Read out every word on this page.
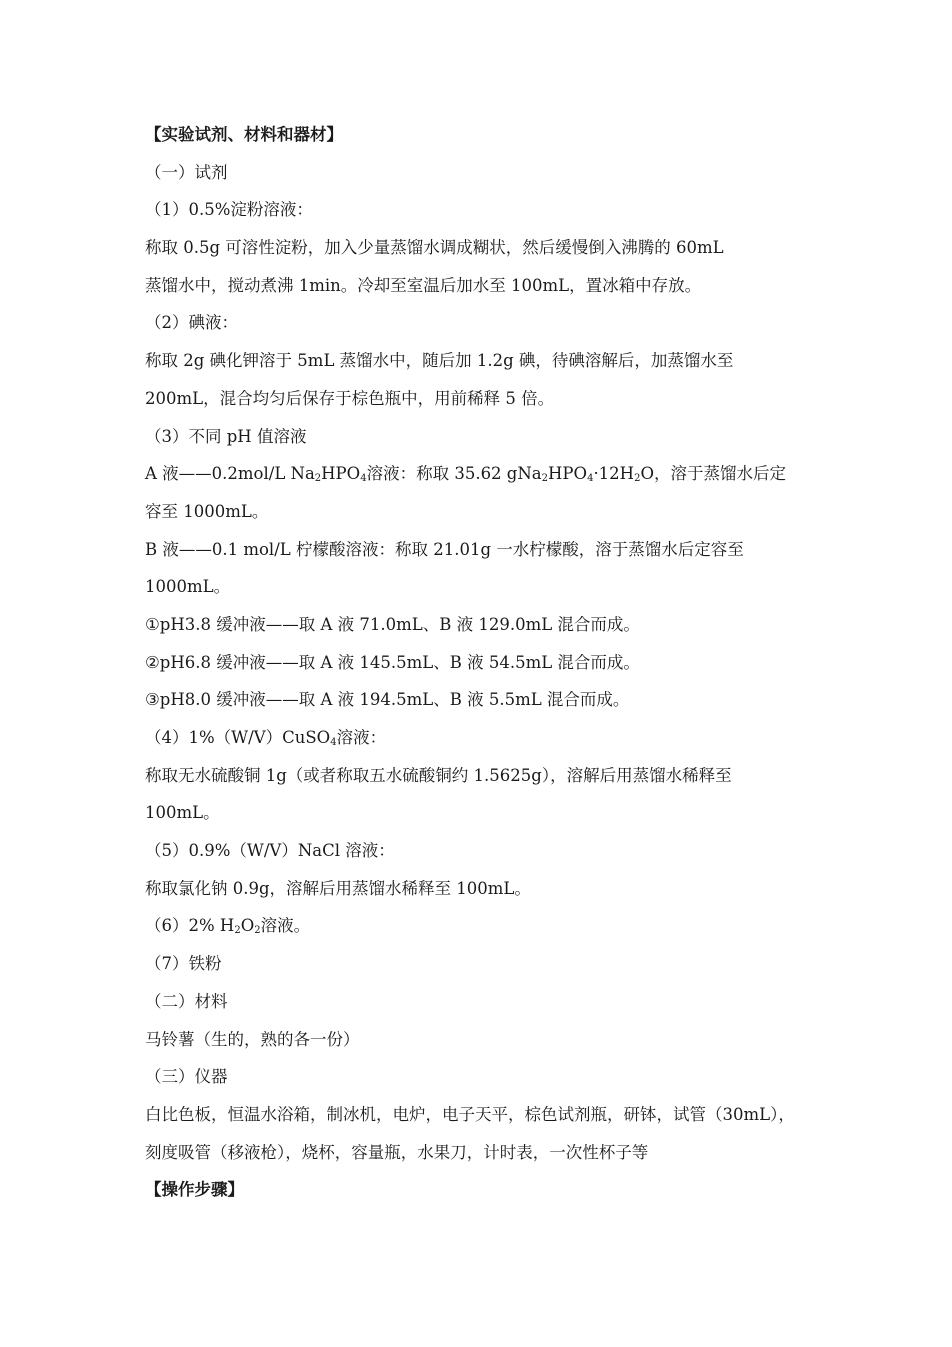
【实验试剂、材料和器材】
（一）试剂
（1）0.5%淀粉溶液：
称取 0.5g 可溶性淀粉，加入少量蒸馏水调成糊状，然后缓慢倒入沸腾的 60mL
蒸馏水中，搅动煮沸 1min。冷却至室温后加水至 100mL，置冰箱中存放。
（2）碘液：
称取 2g 碘化钾溶于 5mL 蒸馏水中，随后加 1.2g 碘，待碘溶解后，加蒸馏水至
200mL，混合均匀后保存于棕色瓶中，用前稀释 5 倍。
（3）不同 pH 值溶液
A 液——0.2mol/L $Na_2HPO_4$溶液：称取 35.62 $gNa_2HPO_4\cdot 12H_2O$，溶于蒸馏水后定
容至 1000mL。
B 液——0.1 mol/L 柠檬酸溶液：称取 21.01g 一水柠檬酸，溶于蒸馏水后定容至
1000mL。
①pH3.8 缓冲液——取 A 液 71.0mL、B 液 129.0mL 混合而成。
②pH6.8 缓冲液——取 A 液 145.5mL、B 液 54.5mL 混合而成。
③pH8.0 缓冲液——取 A 液 194.5mL、B 液 5.5mL 混合而成。
（4）1%（W/V）CuSO$_4$溶液：
称取无水硫酸铜 1g（或者称取五水硫酸铜约 1.5625g），溶解后用蒸馏水稀释至
100mL。
（5）0.9%（W/V）NaCl 溶液：
称取氯化钠 0.9g，溶解后用蒸馏水稀释至 100mL。
（6）2% $H_2O_2$溶液。
（7）铁粉
（二）材料
马铃薯（生的，熟的各一份）
（三）仪器
白比色板，恒温水浴箱，制冰机，电炉，电子天平，棕色试剂瓶，研钵，试管（30mL），
刻度吸管（移液枪），烧杯，容量瓶，水果刀，计时表，一次性杯子等
【操作步骤】
